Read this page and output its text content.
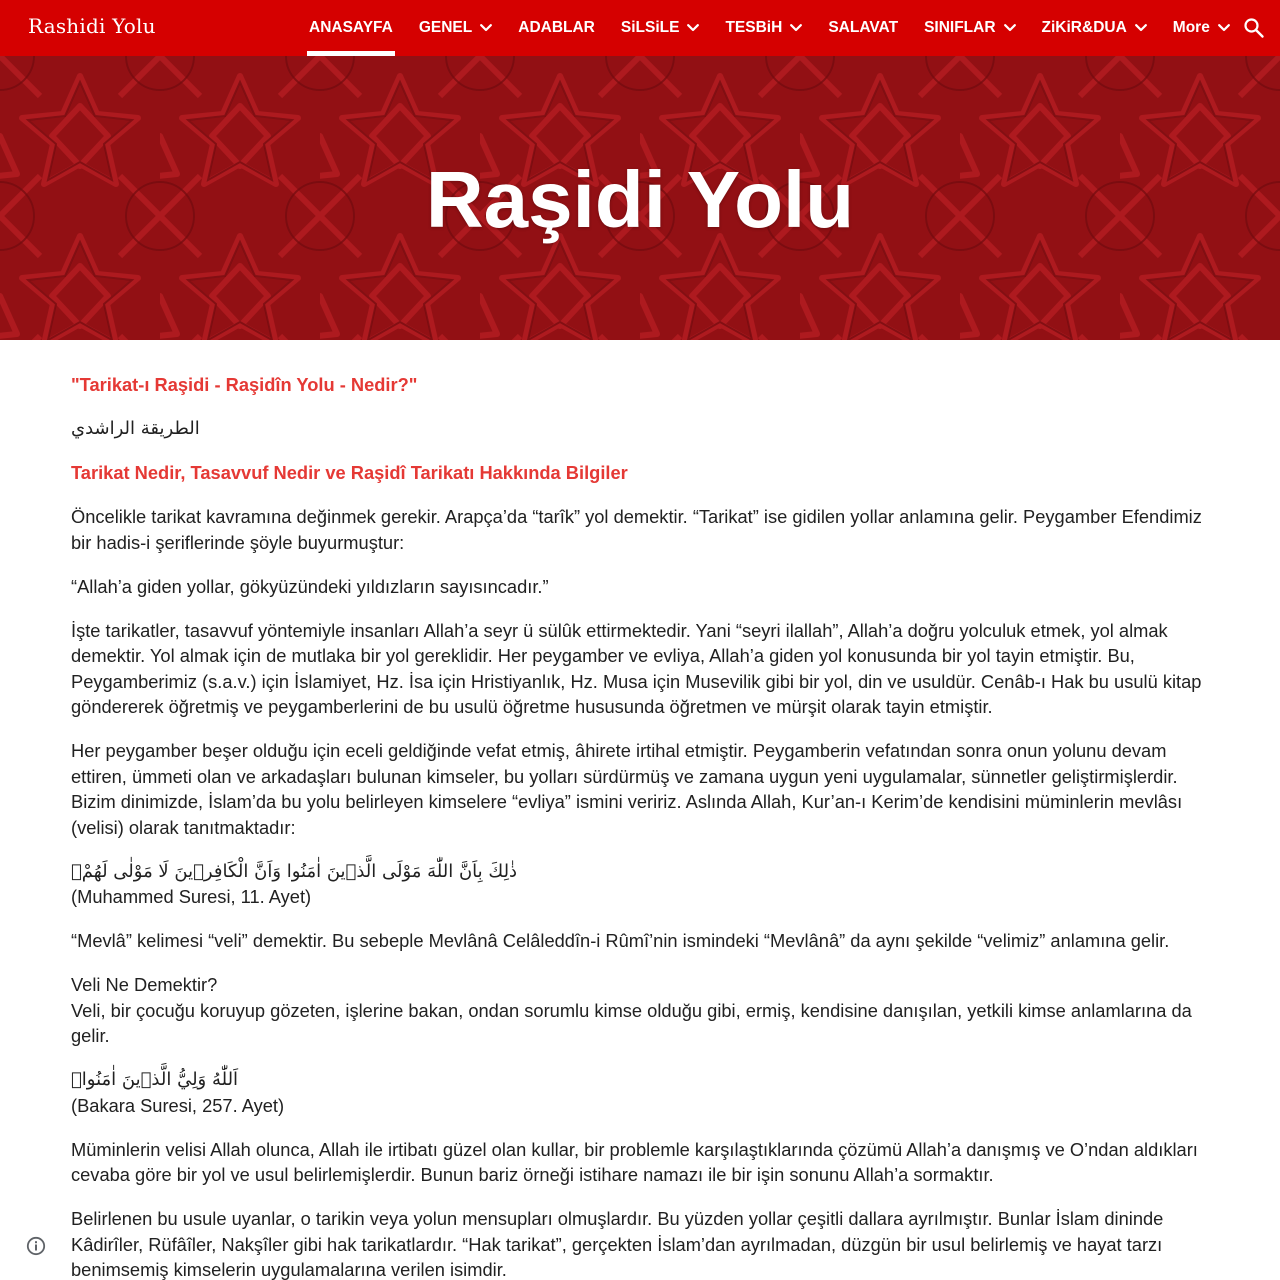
Rashidi Yolu	ANASAYFA GENEL	ADABLAR SiLSiLE	TESBiH	SALAVAT SINIFLAR	ZiKiR&DUA	More
Raşidi Yolu

"Tarikat-ı Raşidi - Raşidîn Yolu - Nedir?"

الطريقة الراشدي

Tarikat Nedir, Tasavvuf Nedir ve Raşidî Tarikatı Hakkında Bilgiler

Öncelikle tarikat kavramına değinmek gerekir. Arapça’da “tarîk” yol demektir. “Tarikat” ise gidilen yollar anlamına gelir. Peygamber Efendimiz bir hadis-i şeriflerinde şöyle buyurmuştur:

“Allah’a giden yollar, gökyüzündeki yıldızların sayısıncadır.”

İşte tarikatler, tasavvuf yöntemiyle insanları Allah’a seyr ü sülûk ettirmektedir. Yani “seyri ilallah”, Allah’a doğru yolculuk etmek, yol almak demektir. Yol almak için de mutlaka bir yol gereklidir. Her peygamber ve evliya, Allah’a giden yol konusunda bir yol tayin etmiştir. Bu, Peygamberimiz (s.a.v.) için İslamiyet, Hz. İsa için Hristiyanlık, Hz. Musa için Musevilik gibi bir yol, din ve usuldür. Cenâb-ı Hak bu usulü kitap göndererek öğretmiş ve peygamberlerini de bu usulü öğretme hususunda öğretmen ve mürşit olarak tayin etmiştir.

Her peygamber beşer olduğu için eceli geldiğinde vefat etmiş, âhirete irtihal etmiştir. Peygamberin vefatından sonra onun yolunu devam ettiren, ümmeti olan ve arkadaşları bulunan kimseler, bu yolları sürdürmüş ve zamana uygun yeni uygulamalar, sünnetler geliştirmişlerdir. Bizim dinimizde, İslam’da bu yolu belirleyen kimselere “evliya” ismini veririz. Aslında Allah, Kur’an-ı Kerim’de kendisini müminlerin mevlâsı (velisi) olarak tanıtmaktadır:

ذٰلِكَ بِاَنَّ اللّٰهَ مَوْلَى الَّذ۪ينَ اٰمَنُوا وَاَنَّ الْكَافِر۪ينَ لَا مَوْلٰى لَهُمْ۟

(Muhammed Suresi, 11. Ayet)

“Mevlâ” kelimesi “veli” demektir. Bu sebeple Mevlânâ Celâleddîn-i Rûmî’nin ismindeki “Mevlânâ” da aynı şekilde “velimiz” anlamına gelir.

Veli Ne Demektir?

Veli, bir çocuğu koruyup gözeten, işlerine bakan, ondan sorumlu kimse olduğu gibi, ermiş, kendisine danışılan, yetkili kimse anlamlarına da gelir.

اَللّٰهُ وَلِيُّ الَّذ۪ينَ اٰمَنُوا۟

(Bakara Suresi, 257. Ayet)

Müminlerin velisi Allah olunca, Allah ile irtibatı güzel olan kullar, bir problemle karşılaştıklarında çözümü Allah’a danışmış ve O’ndan aldıkları cevaba göre bir yol ve usul belirlemişlerdir. Bunun bariz örneği istihare namazı ile bir işin sonunu Allah’a sormaktır.

Belirlenen bu usule uyanlar, o tarikin veya yolun mensupları olmuşlardır. Bu yüzden yollar çeşitli dallara ayrılmıştır. Bunlar İslam dininde Kâdirîler, Rüfâîler, Nakşîler gibi hak tarikatlardır. “Hak tarikat”, gerçekten İslam’dan ayrılmadan, düzgün bir usul belirlemiş ve hayat tarzı benimsemiş kimselerin uygulamalarına verilen isimdir.
